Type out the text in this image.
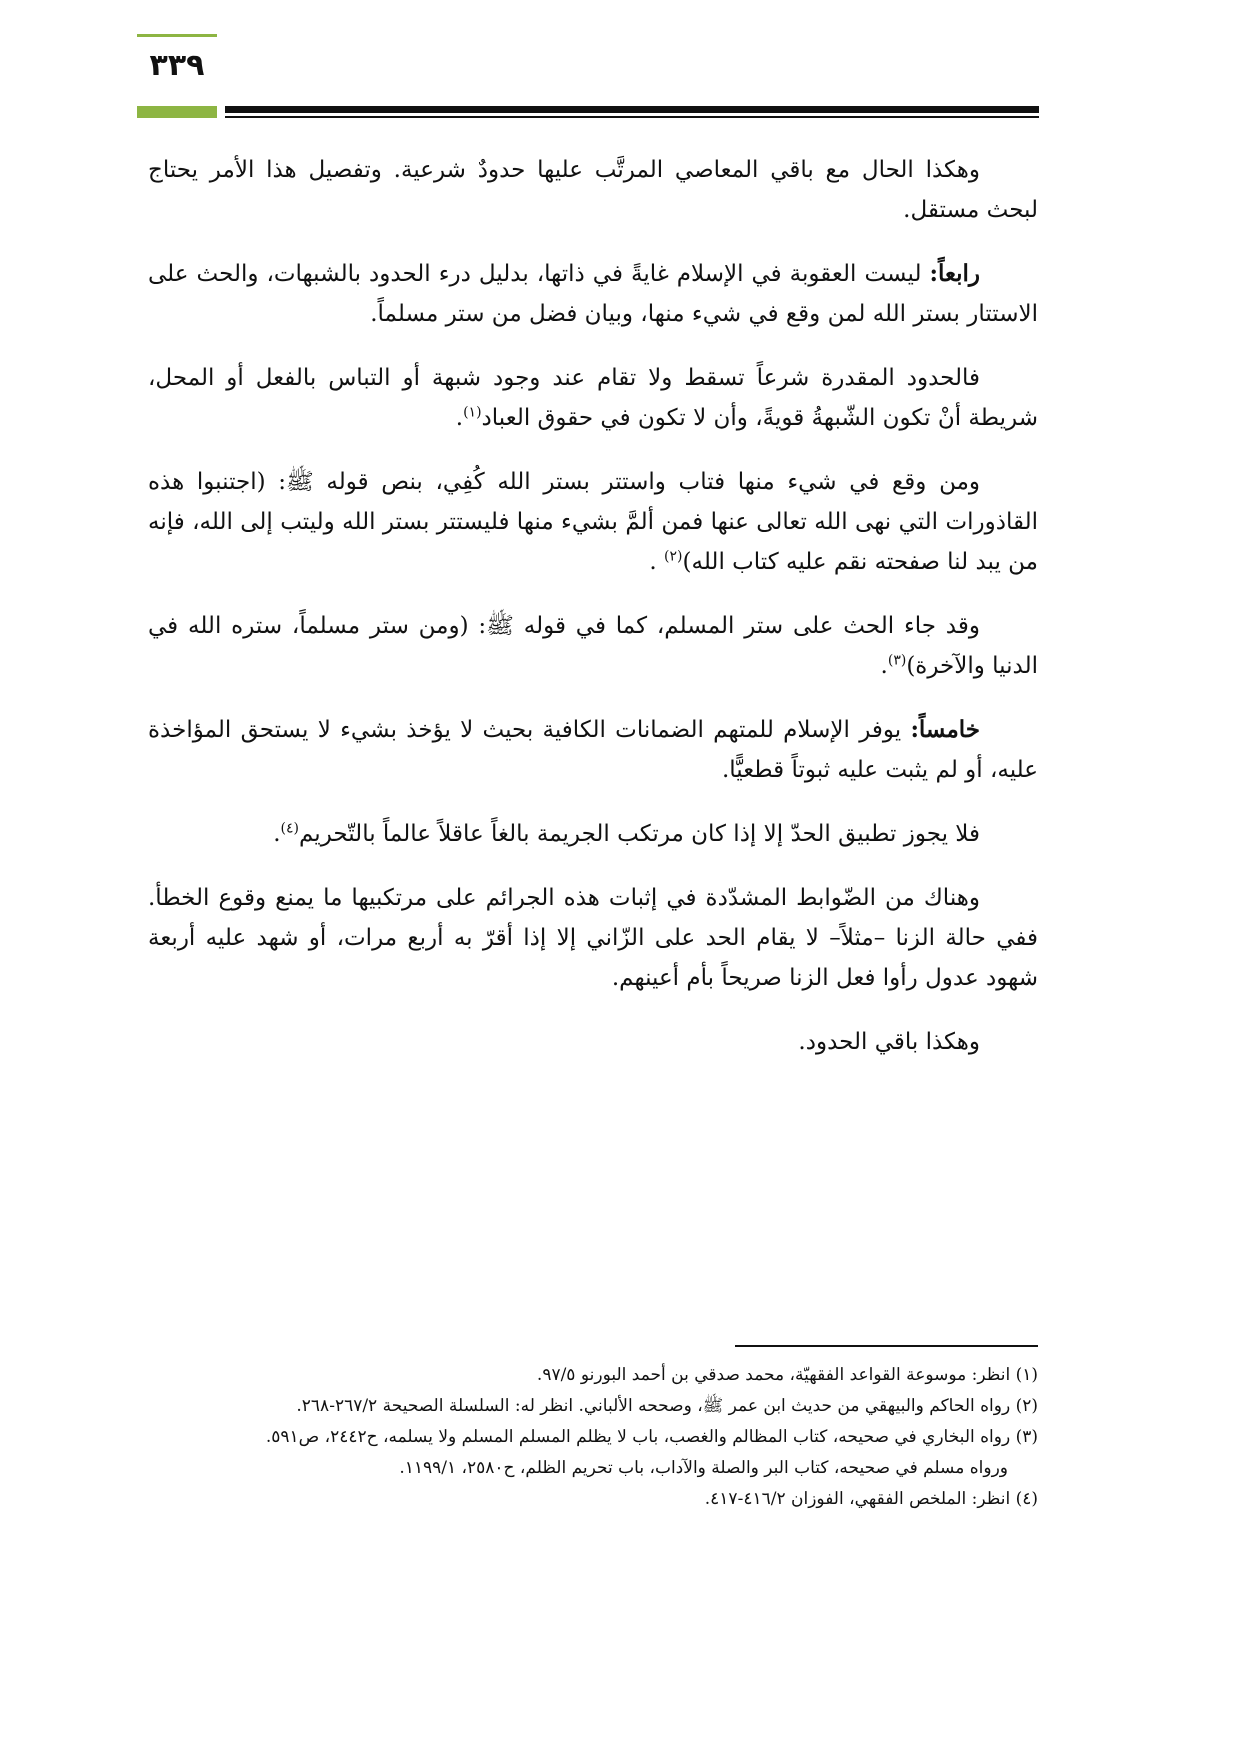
٣٣٩

وهكذا الحال مع باقي المعاصي المرتَّب عليها حدودٌ شرعية. وتفصيل هذا الأمر يحتاج لبحث مستقل.

رابعاً: ليست العقوبة في الإسلام غايةً في ذاتها، بدليل درء الحدود بالشبهات، والحث على الاستتار بستر الله لمن وقع في شيء منها، وبيان فضل من ستر مسلماً.

فالحدود المقدرة شرعاً تسقط ولا تقام عند وجود شبهة أو التباس بالفعل أو المحل، شريطة أنْ تكون الشّبهةُ قويةً، وأن لا تكون في حقوق العباد$^{(١)}$.

ومن وقع في شيء منها فتاب واستتر بستر الله كُفِي، بنص قوله ﷺ: (اجتنبوا هذه القاذورات التي نهى الله تعالى عنها فمن ألمَّ بشيء منها فليستتر بستر الله وليتب إلى الله، فإنه من يبد لنا صفحته نقم عليه كتاب الله)$^{(٢)}$ .

وقد جاء الحث على ستر المسلم، كما في قوله ﷺ: (ومن ستر مسلماً، ستره الله في الدنيا والآخرة)$^{(٣)}$.

خامساً: يوفر الإسلام للمتهم الضمانات الكافية بحيث لا يؤخذ بشيء لا يستحق المؤاخذة عليه، أو لم يثبت عليه ثبوتاً قطعيًّا.

فلا يجوز تطبيق الحدّ إلا إذا كان مرتكب الجريمة بالغاً عاقلاً عالماً بالتّحريم$^{(٤)}$.

وهناك من الضّوابط المشدّدة في إثبات هذه الجرائم على مرتكبيها ما يمنع وقوع الخطأ. ففي حالة الزنا –مثلاً– لا يقام الحد على الزّاني إلا إذا أقرّ به أربع مرات، أو شهد عليه أربعة شهود عدول رأوا فعل الزنا صريحاً بأم أعينهم.

وهكذا باقي الحدود.

(١) انظر: موسوعة القواعد الفقهيّة، محمد صدقي بن أحمد البورنو ٩٧/٥.

(٢) رواه الحاكم والبيهقي من حديث ابن عمر ﷺ، وصححه الألباني. انظر له: السلسلة الصحيحة ٢٦٧/٢-٢٦٨.

(٣) رواه البخاري في صحيحه، كتاب المظالم والغصب، باب لا يظلم المسلم المسلم ولا يسلمه، ح٢٤٤٢، ص٥٩١.

ورواه مسلم في صحيحه، كتاب البر والصلة والآداب، باب تحريم الظلم، ح٢٥٨٠، ١١٩٩/١.

(٤) انظر: الملخص الفقهي، الفوزان ٤١٦/٢-٤١٧.
